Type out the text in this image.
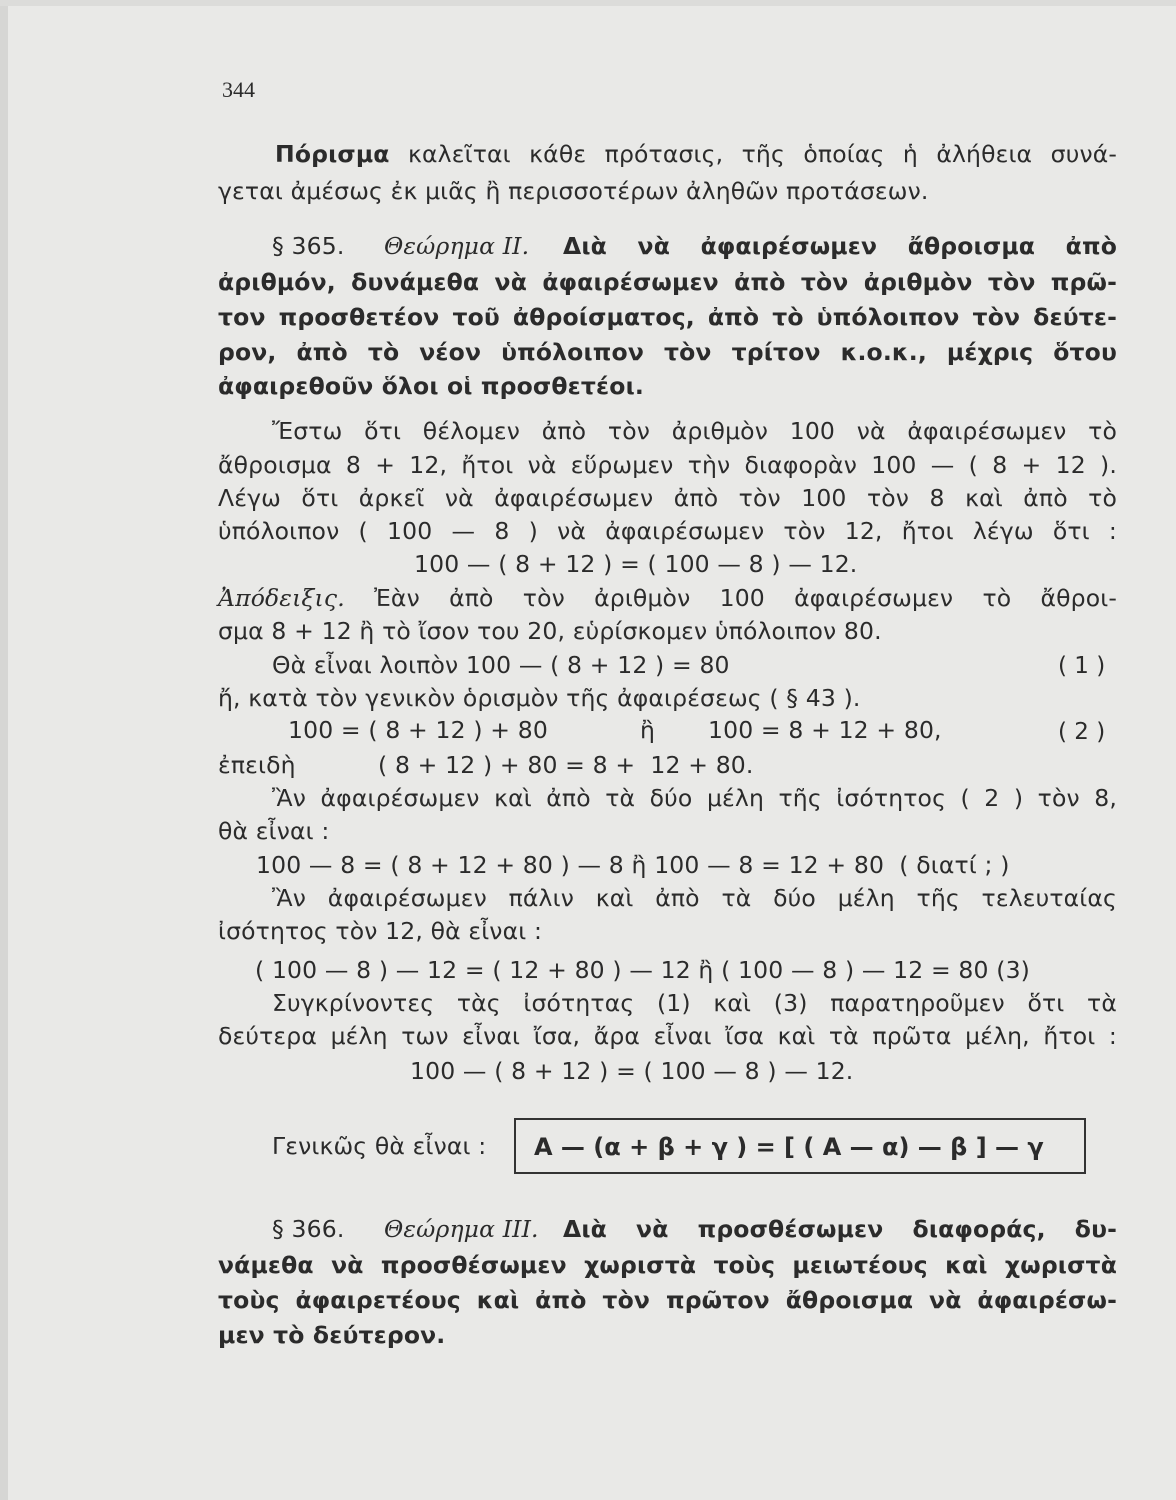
344
Πόρισμα καλεῖται κάθε πρότασις, τῆς ὁποίας ἡ ἀλήθεια συνά-
γεται ἀμέσως ἐκ μιᾶς ἢ περισσοτέρων ἀληθῶν προτάσεων.
§ 365. Θεώρημα ΙΙ. Διὰ νὰ ἀφαιρέσωμεν ἄθροισμα ἀπὸ
ἀριθμόν, δυνάμεθα νὰ ἀφαιρέσωμεν ἀπὸ τὸν ἀριθμὸν τὸν πρῶ-
τον προσθετέον τοῦ ἀθροίσματος, ἀπὸ τὸ ὑπόλοιπον τὸν δεύτε-
ρον, ἀπὸ τὸ νέον ὑπόλοιπον τὸν τρίτον κ.ο.κ., μέχρις ὅτου
ἀφαιρεθοῦν ὅλοι οἱ προσθετέοι.
Ἔστω ὅτι θέλομεν ἀπὸ τὸν ἀριθμὸν 100 νὰ ἀφαιρέσωμεν τὸ
ἄθροισμα 8 + 12, ἤτοι νὰ εὕρωμεν τὴν διαφορὰν 100 — ( 8 + 12 ).
Λέγω ὅτι ἀρκεῖ νὰ ἀφαιρέσωμεν ἀπὸ τὸν 100 τὸν 8 καὶ ἀπὸ τὸ
ὑπόλοιπον ( 100 — 8 ) νὰ ἀφαιρέσωμεν τὸν 12, ἤτοι λέγω ὅτι :
100 — ( 8 + 12 ) = ( 100 — 8 ) — 12.
Ἀπόδειξις. Ἐὰν ἀπὸ τὸν ἀριθμὸν 100 ἀφαιρέσωμεν τὸ ἄθροι-
σμα 8 + 12 ἢ τὸ ἴσον του 20, εὑρίσκομεν ὑπόλοιπον 80.
Θὰ εἶναι λοιπὸν 100 — ( 8 + 12 ) = 80	( 1 )
ἤ, κατὰ τὸν γενικὸν ὁρισμὸν τῆς ἀφαιρέσεως ( § 43 ).
100 = ( 8 + 12 ) + 80	ἢ 100 = 8 + 12 + 80,	( 2 )
ἐπειδὴ	( 8 + 12 ) + 80 = 8 +  12 + 80.
Ἂν ἀφαιρέσωμεν καὶ ἀπὸ τὰ δύο μέλη τῆς ἰσότητος ( 2 ) τὸν 8,
θὰ εἶναι :
100 — 8 = ( 8 + 12 + 80 ) — 8 ἢ 100 — 8 = 12 + 80  ( διατί ; )
Ἂν ἀφαιρέσωμεν πάλιν καὶ ἀπὸ τὰ δύο μέλη τῆς τελευταίας
ἰσότητος τὸν 12, θὰ εἶναι :
( 100 — 8 ) — 12 = ( 12 + 80 ) — 12 ἢ ( 100 — 8 ) — 12 = 80 (3)
Συγκρίνοντες τὰς ἰσότητας (1) καὶ (3) παρατηροῦμεν ὅτι τὰ
δεύτερα μέλη των εἶναι ἴσα, ἄρα εἶναι ἴσα καὶ τὰ πρῶτα μέλη, ἤτοι :
100 — ( 8 + 12 ) = ( 100 — 8 ) — 12.
Γενικῶς θὰ εἶναι : A — (α + β + γ ) = [ ( A — α) — β ] — γ
§ 366. Θεώρημα ΙΙΙ. Διὰ νὰ προσθέσωμεν διαφοράς, δυ-
νάμεθα νὰ προσθέσωμεν χωριστὰ τοὺς μειωτέους καὶ χωριστὰ
τοὺς ἀφαιρετέους καὶ ἀπὸ τὸν πρῶτον ἄθροισμα νὰ ἀφαιρέσω-
μεν τὸ δεύτερον.
